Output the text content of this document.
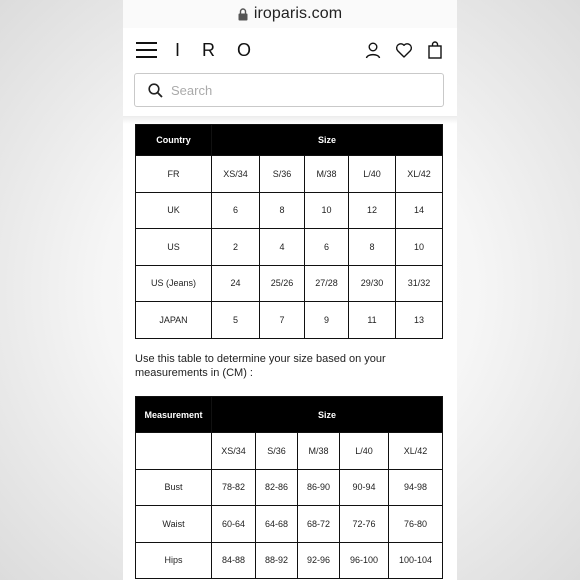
iroparis.com
IRO
Search
Country	Size				
FR	XS/34	S/36	M/38	L/40	XL/42
UK	6	8	10	12	14
US	2	4	6	8	10
US (Jeans)	24	25/26	27/28	29/30	31/32
JAPAN	5	7	9	11	13

Use this table to determine your size based on your measurements in (CM) :

Measurement	Size				
	XS/34	S/36	M/38	L/40	XL/42
Bust	78-82	82-86	86-90	90-94	94-98
Waist	60-64	64-68	68-72	72-76	76-80
Hips	84-88	88-92	92-96	96-100	100-104
